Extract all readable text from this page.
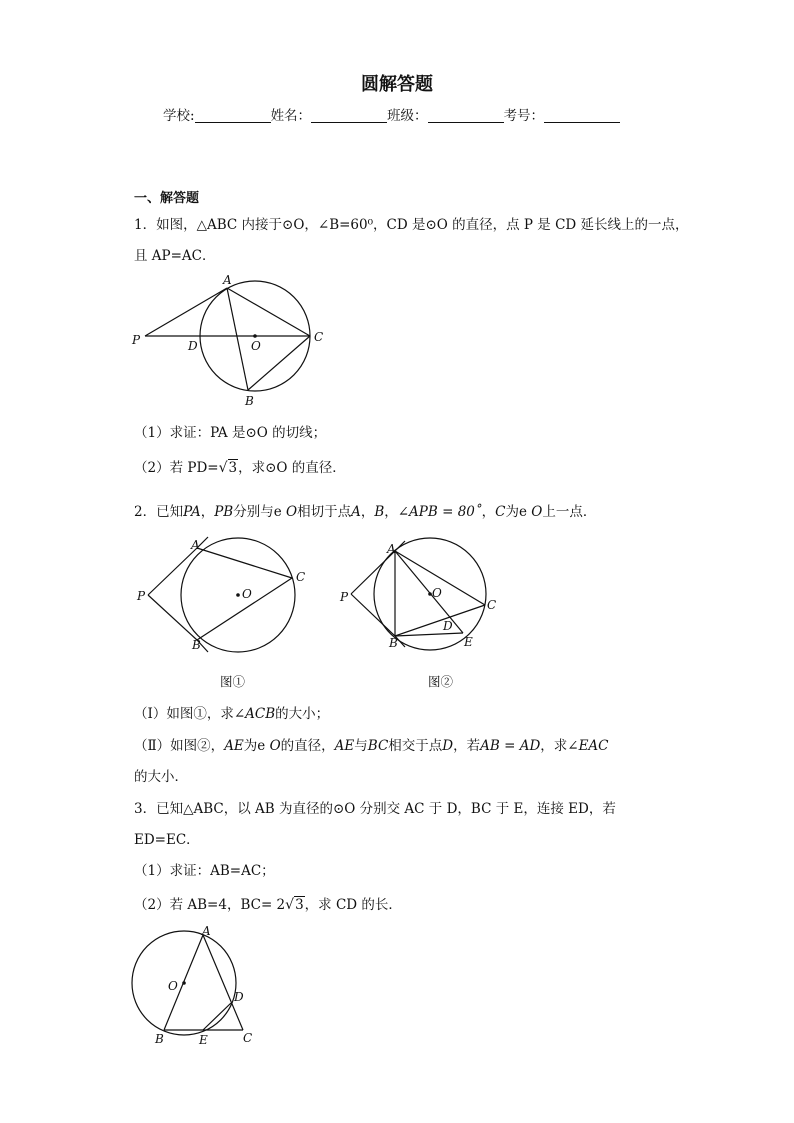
圆解答题
学校:	姓名：	班级：	考号：
一、解答题
1．如图，△ABC 内接于⊙O，∠B=60⁰，CD 是⊙O 的直径，点 P 是 CD 延长线上的一点，
且 AP=AC．
A
B
C
D	O
P
（1）求证：PA 是⊙O 的切线；
（2）若 PD=√3，求⊙O 的直径．
2．已知PA，PB分别与e O相切于点A，B，∠APB = 80˚，C为e O上一点．
A
B
C
O
P
图①
A
B
C
D
E
O
P
图②
（Ⅰ）如图①，求∠ACB的大小；
（Ⅱ）如图②，AE为e O的直径，AE与BC相交于点D，若AB = AD，求∠EAC
的大小．
3．已知△ABC，以 AB 为直径的⊙O 分别交 AC 于 D，BC 于 E，连接 ED，若
ED=EC．
（1）求证：AB=AC；
（2）若 AB=4，BC= 2√3，求 CD 的长．
A
B	C
D
E
O
